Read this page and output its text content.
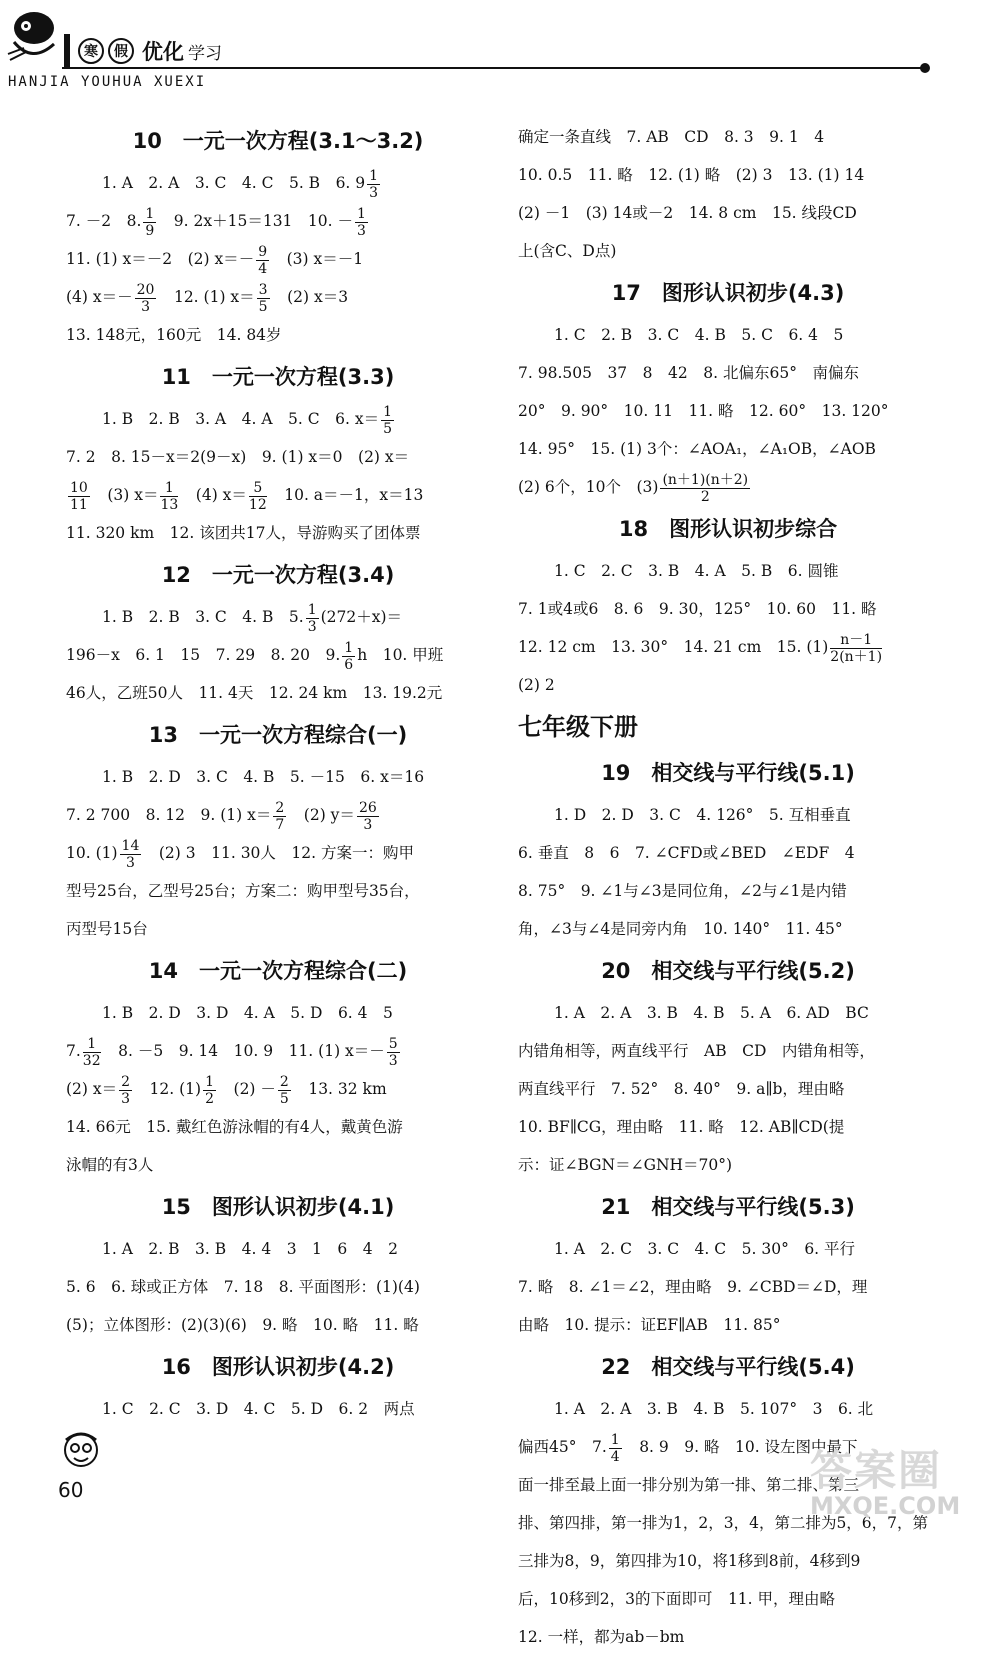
寒	假 优化 学习
HANJIA YOUHUA XUEXI
10　一元一次方程(3.1～3.2)
1. A　2. A　3. C　4. C　5. B　6. $9 \frac{1}{3}$
7. －2　8. $\frac{1}{9}$ 　9. 2x＋15＝131　10. － $\frac{1}{3}$
11. (1) x＝－2　(2) $x=- \frac{9}{4}$ 　(3) x＝－1
(4) $x=- \frac{20}{3}$ 　12. (1) $x= \frac{3}{5}$ 　(2) x＝3
13. 148元，160元　14. 84岁
11　一元一次方程(3.3)
1. B　2. B　3. A　4. A　5. C　6. $x= \frac{1}{5}$
7. 2　8. 15－x＝2(9－x)　9. (1) x＝0　(2) x＝
$\frac{10}{11}$ 　(3) $x= \frac{1}{13}$ 　(4) $x= \frac{5}{12}$ 　10. a＝－1，x＝13
11. 320 km　12. 该团共17人，导游购买了团体票
12　一元一次方程(3.4)
1. B　2. B　3. C　4. B　5. $\frac{1}{3} (272+x)=$
196－x　6. 1　15　7. 29　8. 20　9. $\frac{1}{6}$ h　10. 甲班
46人，乙班50人　11. 4天　12. 24 km　13. 19.2元
13　一元一次方程综合(一)
1. B　2. D　3. C　4. B　5. －15　6. x＝16
7. 2 700　8. 12　9. (1) $x= \frac{2}{7}$ 　(2) $y= \frac{26}{3}$
10. $(1) \frac{14}{3}$ 　(2) 3　11. 30人　12. 方案一：购甲
型号25台，乙型号25台；方案二：购甲型号35台，
丙型号15台
14　一元一次方程综合(二)
1. B　2. D　3. D　4. A　5. D　6. 4　5
7. $\frac{1}{32}$ 　8. －5　9. 14　10. 9　11. (1) $x=- \frac{5}{3}$
(2) $x= \frac{2}{3}$ 　12. $(1) \frac{1}{2}$ 　$(2) - \frac{2}{5}$ 　13. 32 km
14. 66元　15. 戴红色游泳帽的有4人，戴黄色游
泳帽的有3人
15　图形认识初步(4.1)
1. A　2. B　3. B　4. 4　3　1　6　4　2
5. 6　6. 球或正方体　7. 18　8. 平面图形：(1)(4)
(5)；立体图形：(2)(3)(6)　9. 略　10. 略　11. 略
16　图形认识初步(4.2)
1. C　2. C　3. D　4. C　5. D　6. 2　两点
确定一条直线　7. AB　CD　8. 3　9. 1　4
10. 0.5　11. 略　12. (1) 略　(2) 3　13. (1) 14
(2) －1　(3) 14或－2　14. 8 cm　15. 线段CD
上(含C、D点)
17　图形认识初步(4.3)
1. C　2. B　3. C　4. B　5. C　6. 4　5
7. 98.505　37　8　42　8. 北偏东65°　南偏东
20°　9. 90°　10. 11　11. 略　12. 60°　13. 120°
14. 95°　15. (1) 3个：∠AOA₁，∠A₁OB，∠AOB
(2) 6个，10个　$(3) \frac{(n+1)(n+2)}{2}$
18　图形认识初步综合
1. C　2. C　3. B　4. A　5. B　6. 圆锥
7. 1或4或6　8. 6　9. 30，125°　10. 60　11. 略
12. 12 cm　13. 30°　14. 21 cm　15. $(1) \frac{n-1}{2(n+1)}$
(2) 2
七年级下册
19　相交线与平行线(5.1)
1. D　2. D　3. C　4. 126°　5. 互相垂直
6. 垂直　8　6　7. ∠CFD或∠BED　∠EDF　4
8. 75°　9. ∠1与∠3是同位角，∠2与∠1是内错
角，∠3与∠4是同旁内角　10. 140°　11. 45°
20　相交线与平行线(5.2)
1. A　2. A　3. B　4. B　5. A　6. AD　BC
内错角相等，两直线平行　AB　CD　内错角相等，
两直线平行　7. 52°　8. 40°　9. a∥b，理由略
10. BF∥CG，理由略　11. 略　12. AB∥CD(提
示：证∠BGN＝∠GNH＝70°)
21　相交线与平行线(5.3)
1. A　2. C　3. C　4. C　5. 30°　6. 平行
7. 略　8. ∠1＝∠2，理由略　9. ∠CBD＝∠D，理
由略　10. 提示：证EF∥AB　11. 85°
22　相交线与平行线(5.4)
1. A　2. A　3. B　4. B　5. 107°　3　6. 北
偏西45°　7. $\frac{1}{4}$ 　8. 9　9. 略　10. 设左图中最下
面一排至最上面一排分别为第一排、第二排、第三
排、第四排，第一排为1，2，3，4，第二排为5，6，7，第
三排为8，9，第四排为10，将1移到8前，4移到9
后，10移到2，3的下面即可　11. 甲，理由略
12. 一样，都为ab－bm
60	答案圈
MXQE.COM
